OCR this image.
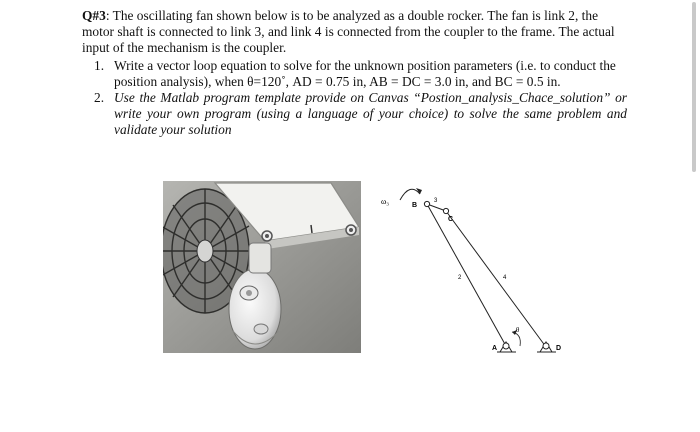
Q#3: The oscillating fan shown below is to be analyzed as a double rocker. The fan is link 2, the motor shaft is connected to link 3, and link 4 is connected from the coupler to the frame. The actual input of the mechanism is the coupler.

1. Write a vector loop equation to solve for the unknown position parameters (i.e. to conduct the position analysis), when θ=120˚, AD = 0.75 in, AB = DC = 3.0 in, and BC = 0.5 in.
2. Use the Matlab program template provide on Canvas “Postion_analysis_Chace_solution” or write your own program (using a language of your choice) to solve the same problem and validate your solution
ω₃	B
C
3
2	4
θ
A	D
